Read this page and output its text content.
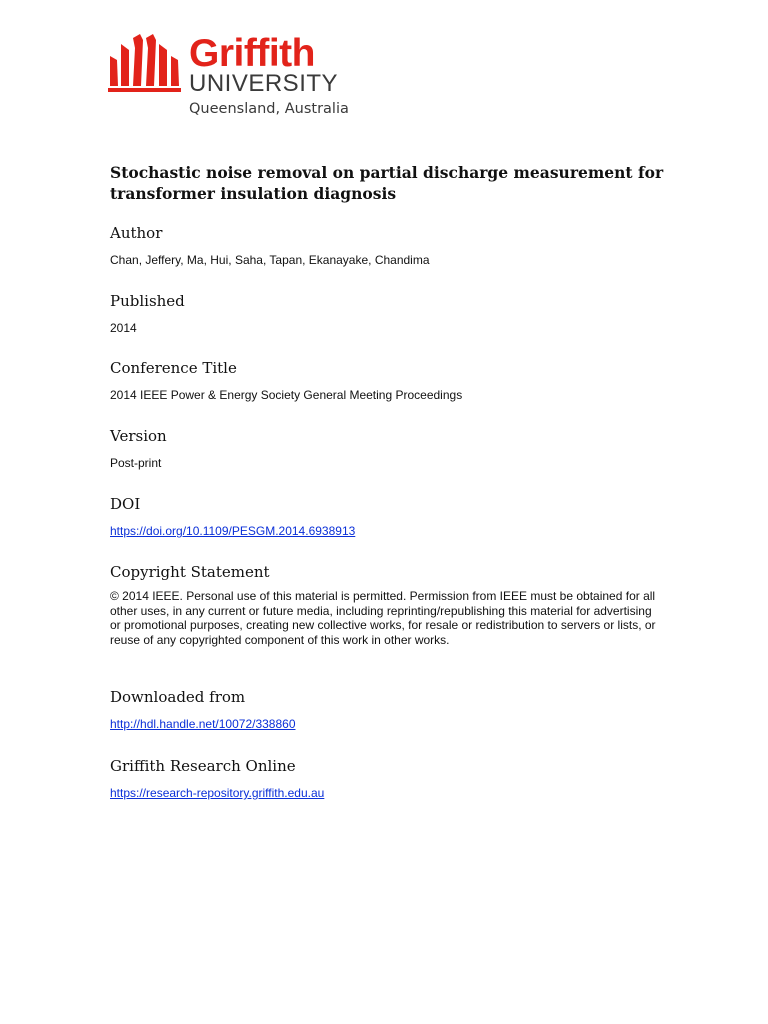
Griffith
UNIVERSITY
Queensland, Australia
Stochastic noise removal on partial discharge measurement for transformer insulation diagnosis
Author

Chan, Jeffery, Ma, Hui, Saha, Tapan, Ekanayake, Chandima

Published

2014

Conference Title

2014 IEEE Power & Energy Society General Meeting Proceedings

Version

Post-print

DOI
https://doi.org/10.1109/PESGM.2014.6938913
Copyright Statement

© 2014 IEEE. Personal use of this material is permitted. Permission from IEEE must be obtained for all other uses, in any current or future media, including reprinting/republishing this material for advertising or promotional purposes, creating new collective works, for resale or redistribution to servers or lists, or reuse of any copyrighted component of this work in other works.

Downloaded from
http://hdl.handle.net/10072/338860
Griffith Research Online
https://research-repository.griffith.edu.au
